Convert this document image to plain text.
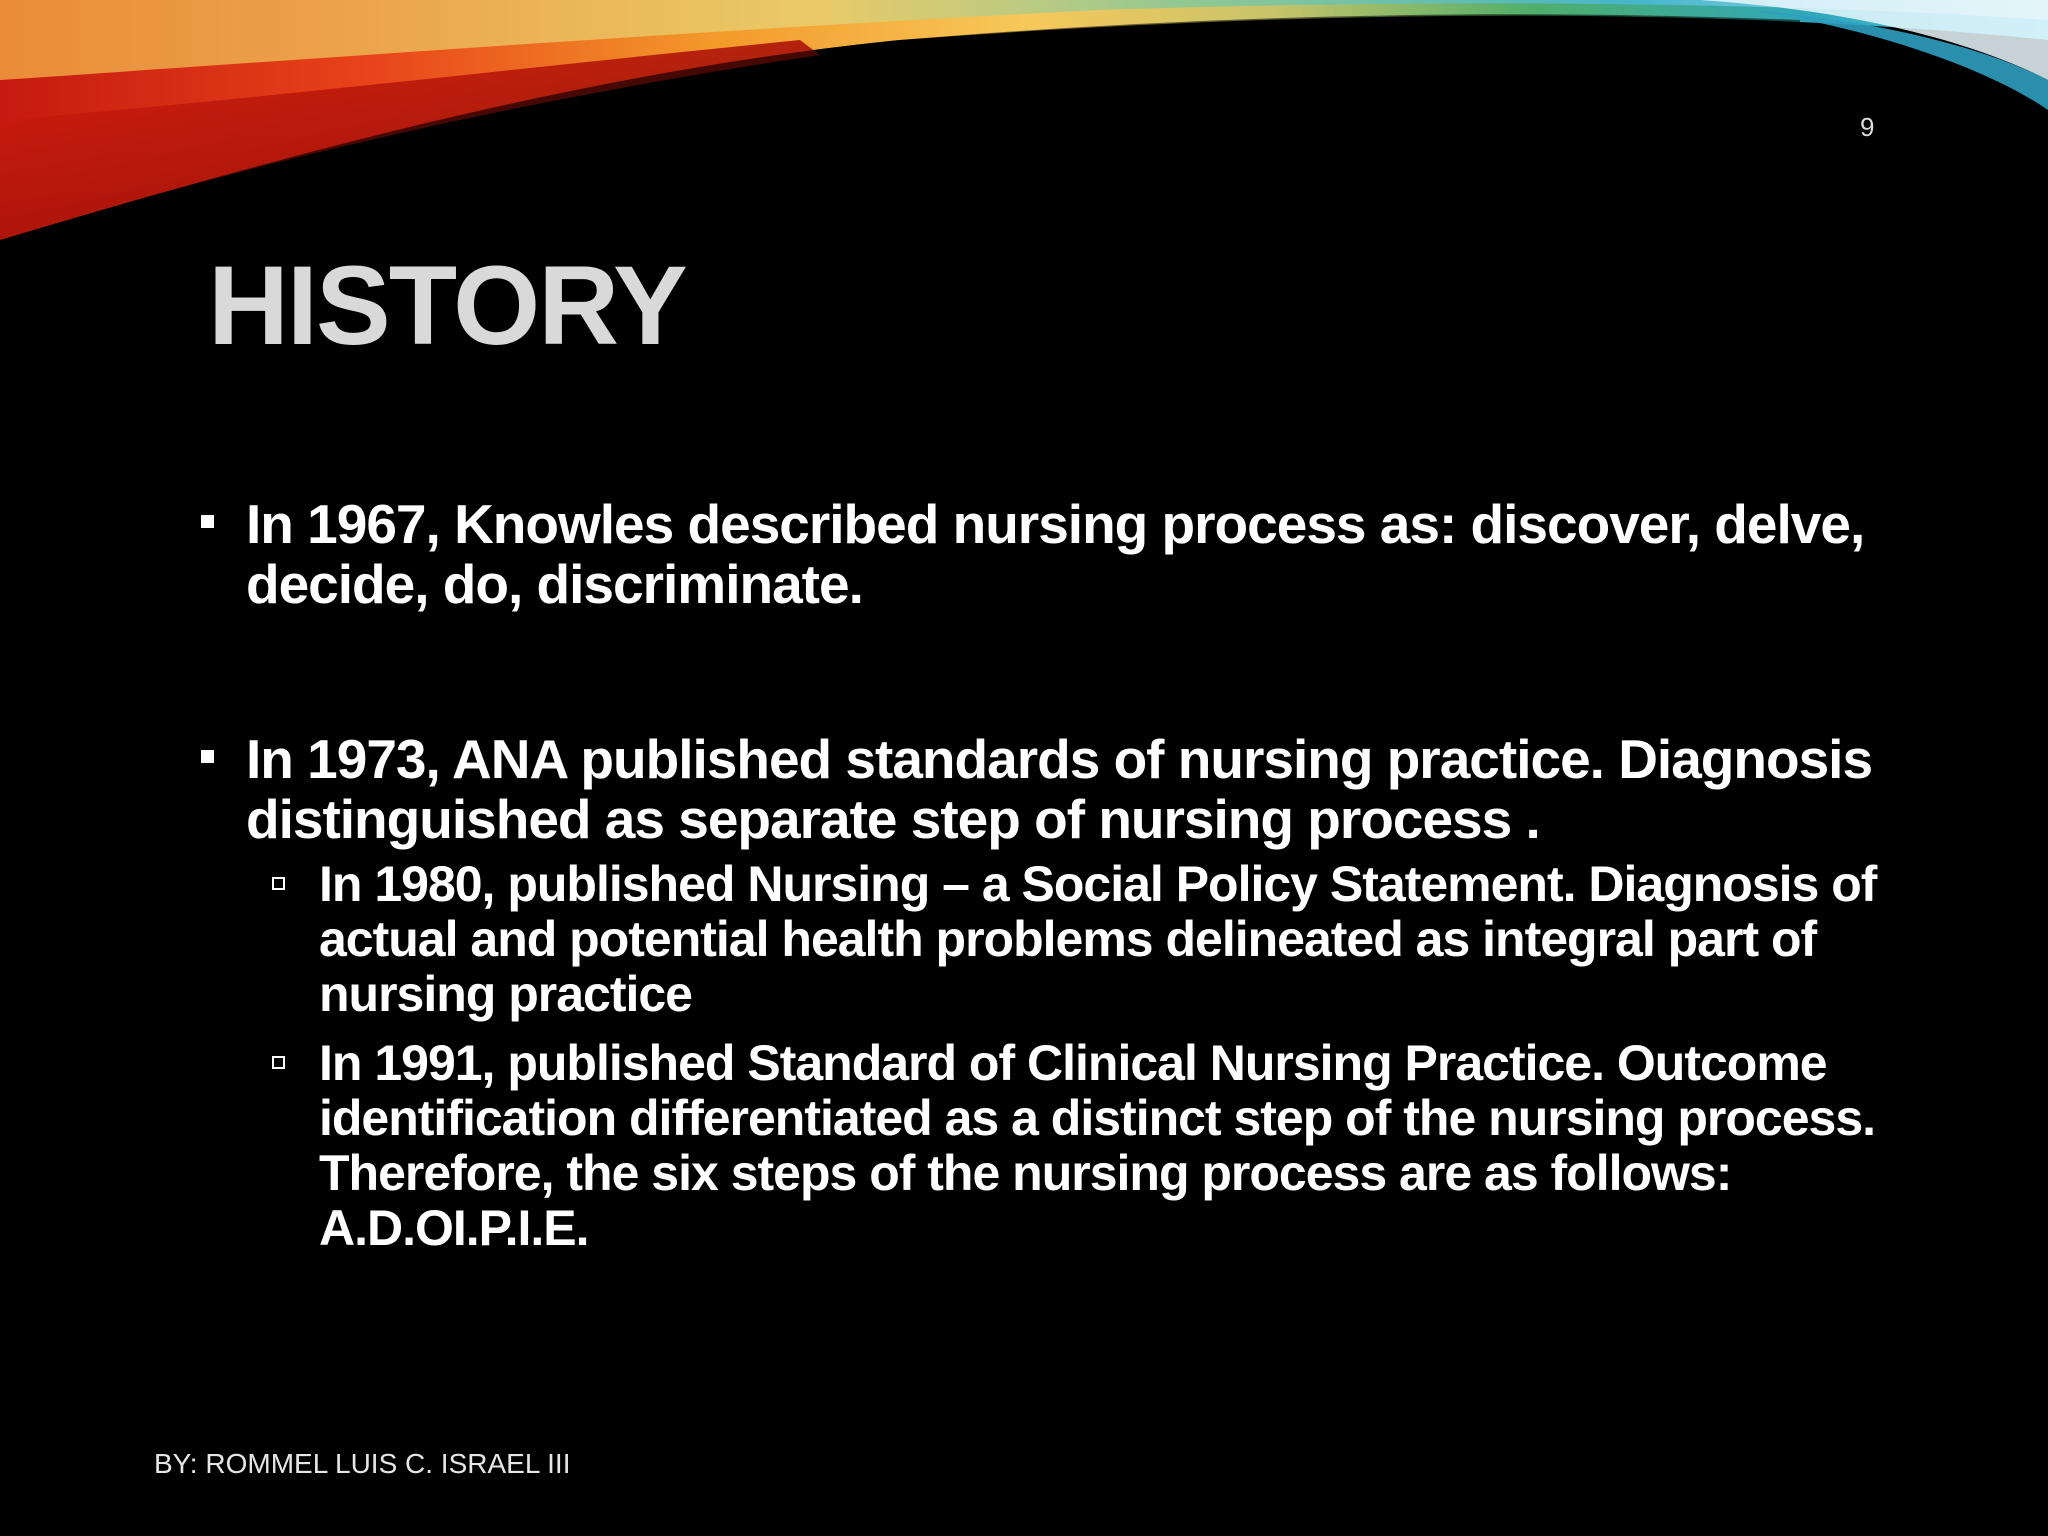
9
HISTORY
In 1967, Knowles described nursing process as: discover, delve, decide, do, discriminate.
In 1973, ANA published standards of nursing practice. Diagnosis distinguished as separate step of nursing process .
In 1980, published Nursing – a Social Policy Statement. Diagnosis of actual and potential health problems delineated as integral part of nursing practice
In 1991, published Standard of Clinical Nursing Practice. Outcome identification differentiated as a distinct step of the nursing process. Therefore, the six steps of the nursing process are as follows: A.D.OI.P.I.E.
BY: ROMMEL LUIS C. ISRAEL III
